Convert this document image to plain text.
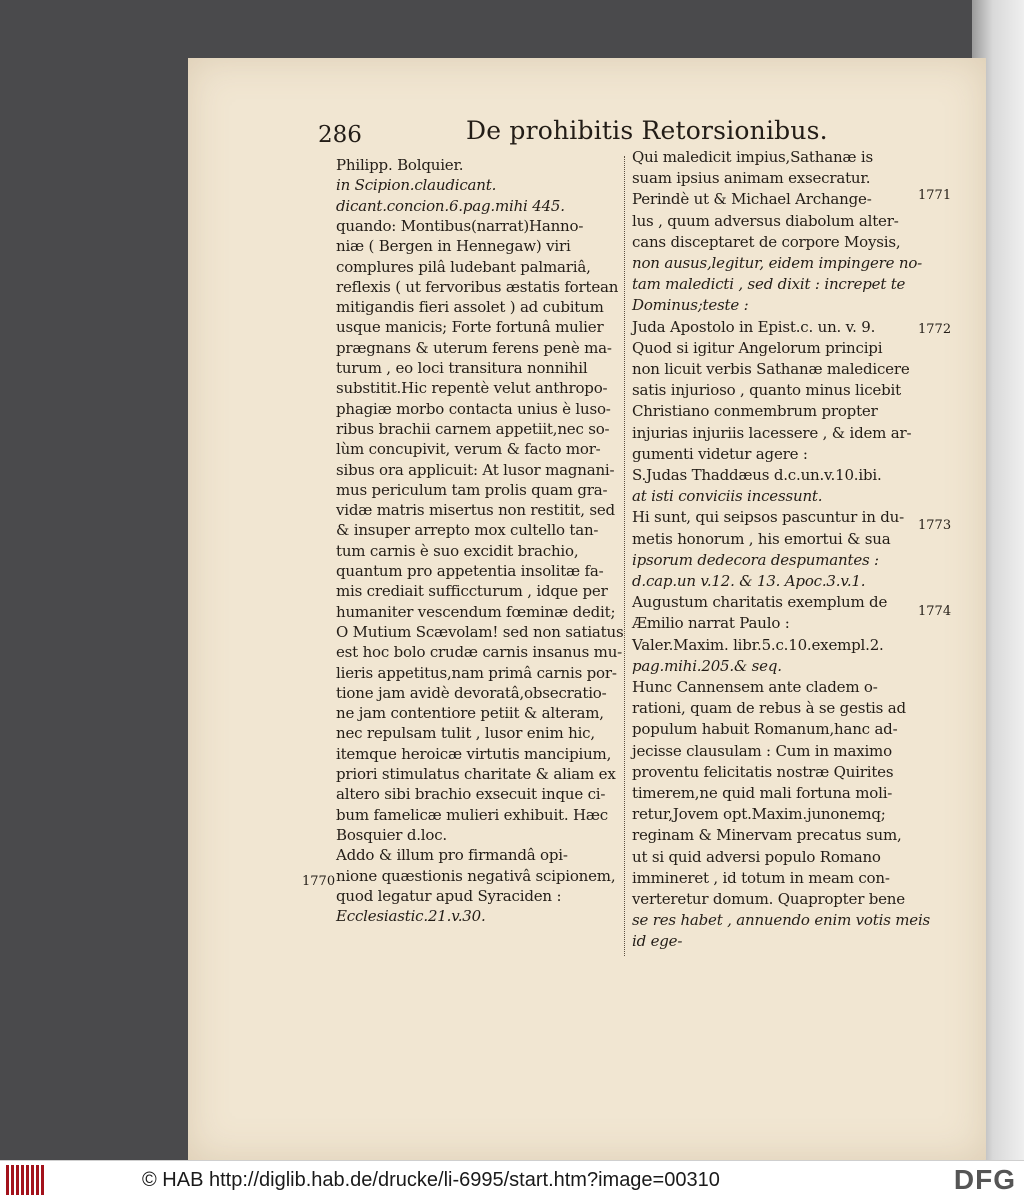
286	De prohibitis Retorsionibus.
Philipp. Bolquier.
in Scipion.claudicant.
dicant.concion.6.pag.mihi 445.
quando: Montibus(narrat)Hanno-
niæ ( Bergen in Hennegaw) viri
complures pilâ ludebant palmariâ,
reflexis ( ut fervoribus æstatis fortean
mitigandis fieri assolet ) ad cubitum
usque manicis; Forte fortunâ mulier
prægnans & uterum ferens penè ma-
turum , eo loci transitura nonnihil
substitit.Hic repentè velut anthropo-
phagiæ morbo contacta unius è luso-
ribus brachii carnem appetiit,nec so-
lùm concupivit, verum & facto mor-
sibus ora applicuit: At lusor magnani-
mus periculum tam prolis quam gra-
vidæ matris misertus non restitit, sed
& insuper arrepto mox cultello tan-
tum carnis è suo excidit brachio,
quantum pro appetentia insolitæ fa-
mis crediait sufficcturum , idque per
humaniter vescendum fœminæ dedit;
O Mutium Scævolam! sed non satiatus
est hoc bolo crudæ carnis insanus mu-
lieris appetitus,nam primâ carnis por-
tione jam avidè devoratâ,obsecratio-
ne jam contentiore petiit & alteram,
nec repulsam tulit , lusor enim hic,
itemque heroicæ virtutis mancipium,
priori stimulatus charitate & aliam ex
altero sibi brachio exsecuit inque ci-
bum famelicæ mulieri exhibuit. Hæc
Bosquier d.loc.
Addo & illum pro firmandâ opi-
nione quæstionis negativâ scipionem,
quod legatur apud Syraciden :
Ecclesiastic.21.v.30.
Qui maledicit impius,Sathanæ is
suam ipsius animam exsecratur.
Perindè ut & Michael Archange-
lus , quum adversus diabolum alter-
cans disceptaret de corpore Moysis,
non ausus,legitur, eidem impingere no-
tam maledicti , sed dixit : increpet te
Dominus;teste :
Juda Apostolo in Epist.c. un. v. 9.
Quod si igitur Angelorum principi
non licuit verbis Sathanæ maledicere
satis injurioso , quanto minus licebit
Christiano conmembrum propter
injurias injuriis lacessere , & idem ar-
gumenti videtur agere :
S.Judas Thaddæus d.c.un.v.10.ibi.
at isti conviciis incessunt.
Hi sunt, qui seipsos pascuntur in du-
metis honorum , his emortui & sua
ipsorum dedecora despumantes :
d.cap.un v.12. & 13. Apoc.3.v.1.
Augustum charitatis exemplum de
Æmilio narrat Paulo :
Valer.Maxim. libr.5.c.10.exempl.2.
pag.mihi.205.& seq.
Hunc Cannensem ante cladem o-
rationi, quam de rebus à se gestis ad
populum habuit Romanum,hanc ad-
jecisse clausulam : Cum in maximo
proventu felicitatis nostræ Quirites
timerem,ne quid mali fortuna moli-
retur,Jovem opt.Maxim.junonemq;
reginam & Minervam precatus sum,
ut si quid adversi populo Romano
immineret , id totum in meam con-
verteretur domum. Quapropter bene
se res habet , annuendo enim votis meis
id ege-
1771
1772
1773
1774
1770
© HAB http://diglib.hab.de/drucke/li-6995/start.htm?image=00310	DFG
